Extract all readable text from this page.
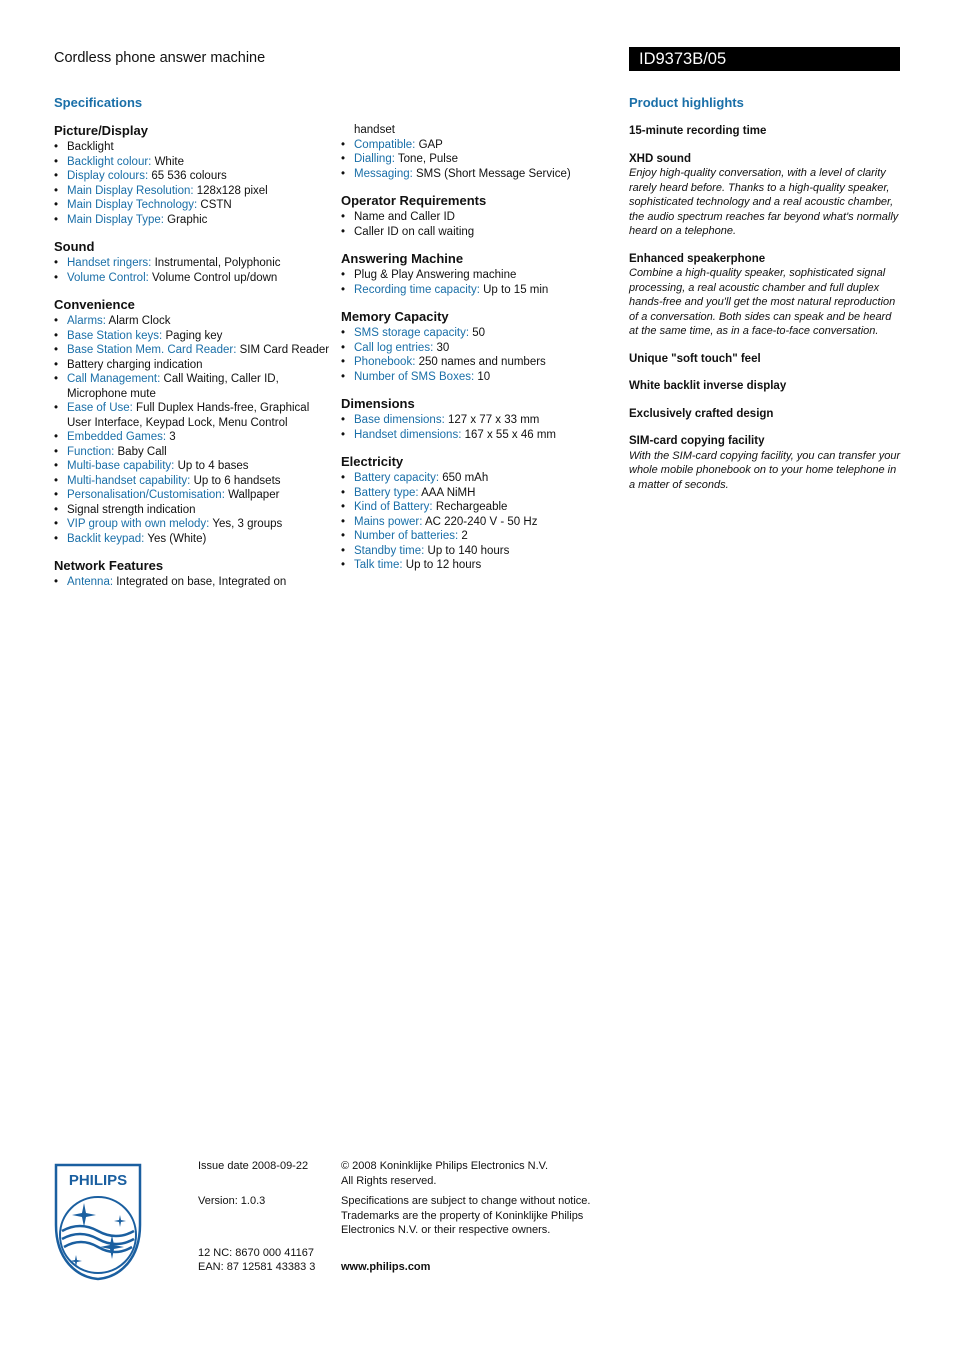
Cordless phone answer machine	ID9373B/05
Specifications	Product highlights
Picture/Display
• Backlight
• Backlight colour: White
• Display colours: 65 536 colours
• Main Display Resolution: 128x128 pixel
• Main Display Technology: CSTN
• Main Display Type: Graphic
Sound
• Handset ringers: Instrumental, Polyphonic
• Volume Control: Volume Control up/down
Convenience
• Alarms: Alarm Clock
• Base Station keys: Paging key
• Base Station Mem. Card Reader: SIM Card Reader
• Battery charging indication
• Call Management: Call Waiting, Caller ID, Microphone mute
• Ease of Use: Full Duplex Hands-free, Graphical User Interface, Keypad Lock, Menu Control
• Embedded Games: 3
• Function: Baby Call
• Multi-base capability: Up to 4 bases
• Multi-handset capability: Up to 6 handsets
• Personalisation/Customisation: Wallpaper
• Signal strength indication
• VIP group with own melody: Yes, 3 groups
• Backlit keypad: Yes (White)
Network Features
• Antenna: Integrated on base, Integrated on
handset
• Compatible: GAP
• Dialling: Tone, Pulse
• Messaging: SMS (Short Message Service)
Operator Requirements
• Name and Caller ID
• Caller ID on call waiting
Answering Machine
• Plug & Play Answering machine
• Recording time capacity: Up to 15 min
Memory Capacity
• SMS storage capacity: 50
• Call log entries: 30
• Phonebook: 250 names and numbers
• Number of SMS Boxes: 10
Dimensions
• Base dimensions: 127 x 77 x 33 mm
• Handset dimensions: 167 x 55 x 46 mm
Electricity
• Battery capacity: 650 mAh
• Battery type: AAA NiMH
• Kind of Battery: Rechargeable
• Mains power: AC 220-240 V - 50 Hz
• Number of batteries: 2
• Standby time: Up to 140 hours
• Talk time: Up to 12 hours
15-minute recording time
XHD sound
Enjoy high-quality conversation, with a level of clarity rarely heard before. Thanks to a high-quality speaker, sophisticated technology and a real acoustic chamber, the audio spectrum reaches far beyond what's normally heard on a telephone.
Enhanced speakerphone
Combine a high-quality speaker, sophisticated signal processing, a real acoustic chamber and full duplex hands-free and you'll get the most natural reproduction of a conversation. Both sides can speak and be heard at the same time, as in a face-to-face conversation.
Unique "soft touch" feel
White backlit inverse display
Exclusively crafted design
SIM-card copying facility
With the SIM-card copying facility, you can transfer your whole mobile phonebook on to your home telephone in a matter of seconds.
PHILIPS
Issue date 2008-09-22
Version: 1.0.3
12 NC: 8670 000 41167
EAN: 87 12581 43383 3
© 2008 Koninklijke Philips Electronics N.V.
All Rights reserved.
Specifications are subject to change without notice. Trademarks are the property of Koninklijke Philips Electronics N.V. or their respective owners.
www.philips.com
